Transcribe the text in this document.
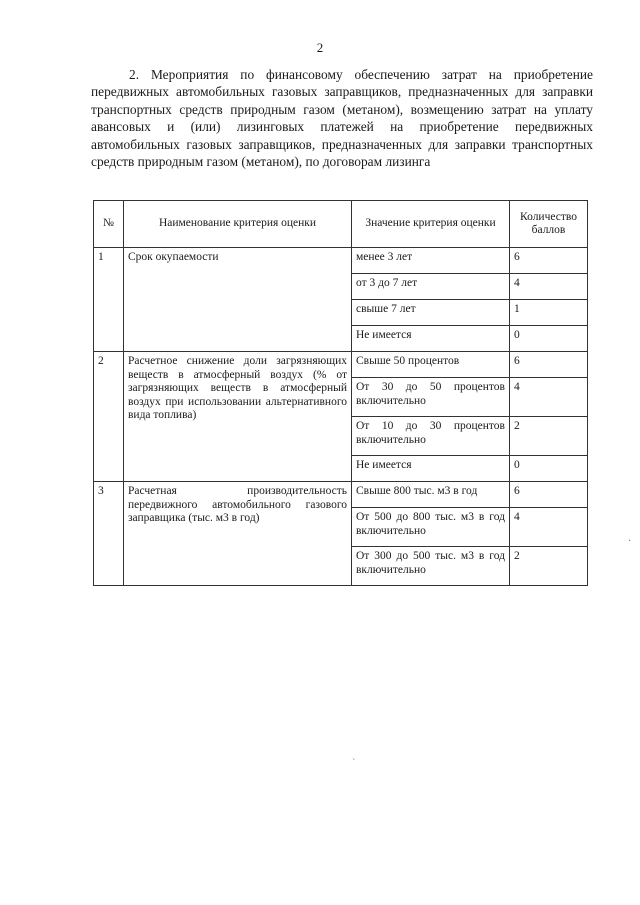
2

2. Мероприятия по финансовому обеспечению затрат на приобретение передвижных автомобильных газовых заправщиков, предназначенных для заправки транспортных средств природным газом (метаном), возмещению затрат на уплату авансовых и (или) лизинговых платежей на приобретение передвижных автомобильных газовых заправщиков, предназначенных для заправки транспортных средств природным газом (метаном), по договорам лизинга

№	Наименование критерия оценки	Значение критерия оценки	Количество баллов
1	Срок окупаемости	менее 3 лет	6
		от 3 до 7 лет	4
		свыше 7 лет	1
		Не имеется	0
2	Расчетное снижение доли загрязняющих веществ в атмосферный воздух (% от загрязняющих веществ в атмосферный воздух при использовании альтернативного вида топлива)	Свыше 50 процентов	6
		От 30 до 50 процентов включительно	4
		От 10 до 30 процентов включительно	2
		Не имеется	0
3	Расчетная производительность передвижного автомобильного газового заправщика (тыс. м3 в год)	Свыше 800 тыс. м3 в год	6
		От 500 до 800 тыс. м3 в год включительно	4
		От 300 до 500 тыс. м3 в год включительно	2
·
ˋ
